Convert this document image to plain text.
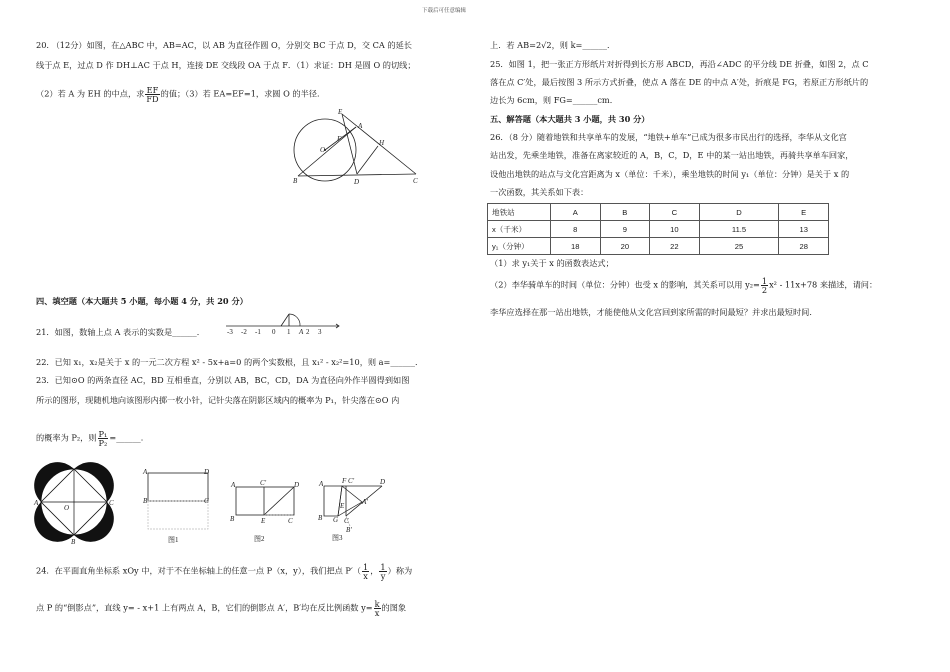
下载后可任意编辑
20. （12分）如图，在△ABC 中，AB=AC，以 AB 为直径作圆 O，分别交 BC 于点 D，交 CA 的延长
线于点 E，过点 D 作 DH⊥AC 于点 H，连接 DE 交线段 OA 于点 F．（1）求证：DH 是圆 O 的切线；
（2）若 A 为 EH 的中点，求 $\frac{EF}{FD}$ 的值；（3）若 EA=EF=1，求圆 O 的半径．
E
A
H
F
O
B	D	C
四、填空题（本大题共 5 小题，每小题 4 分，共 20 分）
21．如图，数轴上点 A 表示的实数是______．	-3 -2 -1 0 1 A 2 3
22．已知 x₁，x₂是关于 x 的一元二次方程 x² - 5x+a=0 的两个实数根，且 x₁² - x₂²=10，则 a=______．
23．已知⊙O 的两条直径 AC，BD 互相垂直，分别以 AB，BC，CD，DA 为直径向外作半圆得到如图
所示的图形，现随机地向该图形内掷一枚小针，记针尖落在阴影区域内的概率为 P₁，针尖落在⊙O 内
的概率为 P₂，则 $\frac{\text{P₁}}{\text{P₂}}$ =______．
D
A
O
C
B
A	D
B	C
图1
A	C'	D
B	E	C
图2
A	F C'	D
E	A'
B G C
B'
图3
24．在平面直角坐标系 xOy 中，对于不在坐标轴上的任意一点 P（x，y），我们把点 $P'( \frac{1}{x}$ ， $\frac{1}{y}$ ）称为
点 P 的“倒影点”，直线 y= - x+1 上有两点 A，B，它们的倒影点 A′，B′均在反比例函数 $y= \frac{k}{x}$ 的图象
上．若 AB=2√2，则 k=______．
25．如图 1，把一张正方形纸片对折得到长方形 ABCD，再沿∠ADC 的平分线 DE 折叠，如图 2，点 C
落在点 C′处，最后按图 3 所示方式折叠，使点 A 落在 DE 的中点 A′处，折痕是 FG，若原正方形纸片的
边长为 6cm，则 FG=______cm．
五、解答题（本大题共 3 小题，共 30 分）
26．（8 分）随着地铁和共享单车的发展，“地铁+单车”已成为很多市民出行的选择，李华从文化宫
站出发，先乘坐地铁，准备在离家较近的 A，B，C，D，E 中的某一站出地铁，再骑共享单车回家，
设他出地铁的站点与文化宫距离为 x（单位：千米），乘坐地铁的时间 y₁（单位：分钟）是关于 x 的
一次函数，其关系如下表：
地铁站	A	B	C	D	E
x（千米）	8	9	10	11.5	13
y₁（分钟）	18	20	22	25	28
（1）求 y₁关于 x 的函数表达式；
（2）李华骑单车的时间（单位：分钟）也受 x 的影响，其关系可以用 $y_2= \frac{1}{2} x^2 - 11x+78$ 来描述，请问：
李华应选择在那一站出地铁，才能使他从文化宫回到家所需的时间最短？并求出最短时间．
